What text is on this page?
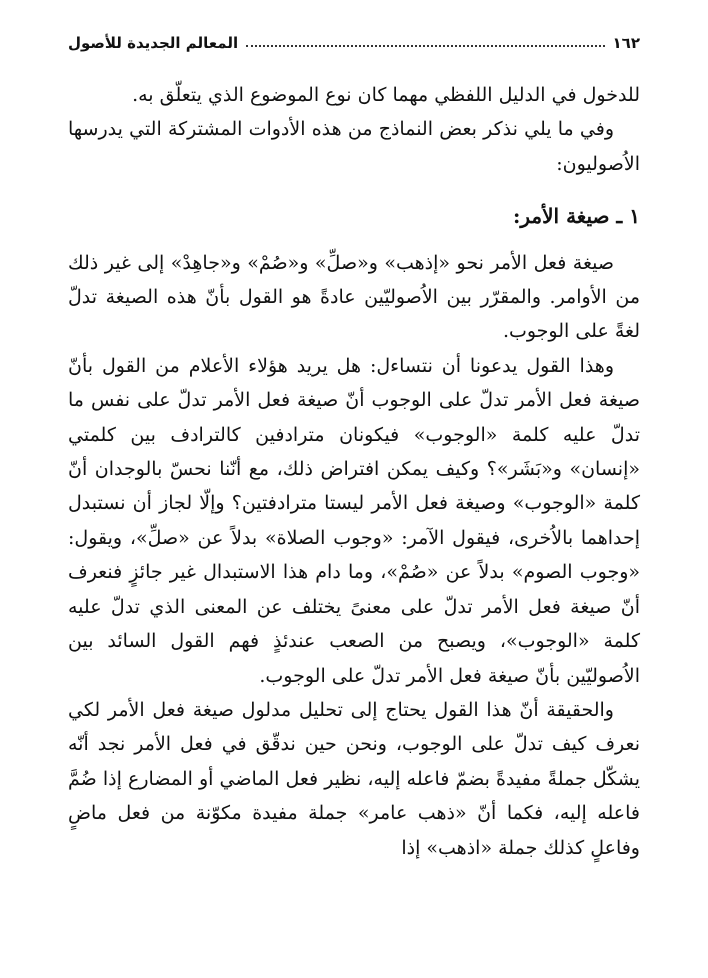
١٦٢
المعالم الجديدة للأصول

للدخول في الدليل اللفظي مهما كان نوع الموضوع الذي يتعلّق به.

وفي ما يلي نذكر بعض النماذج من هذه الأدوات المشتركة التي يدرسها الاُصوليون:

١ ـ صيغة الأمر:

صيغة فعل الأمر نحو «إذهب» و«صلِّ» و«صُمْ» و«جاهِدْ» إلى غير ذلك من الأوامر. والمقرّر بين الاُصوليّين عادةً هو القول بأنّ هذه الصيغة تدلّ لغةً على الوجوب.

وهذا القول يدعونا أن نتساءل: هل يريد هؤلاء الأعلام من القول بأنّ صيغة فعل الأمر تدلّ على الوجوب أنّ صيغة فعل الأمر تدلّ على نفس ما تدلّ عليه كلمة «الوجوب» فيكونان مترادفين كالترادف بين كلمتي «إنسان» و«بَشَر»؟ وكيف يمكن افتراض ذلك، مع أنّنا نحسّ بالوجدان أنّ كلمة «الوجوب» وصيغة فعل الأمر ليستا مترادفتين؟ وإلّا لجاز أن نستبدل إحداهما بالاُخرى، فيقول الآمر: «وجوب الصلاة» بدلاً عن «صلِّ»، ويقول: «وجوب الصوم» بدلاً عن «صُمْ»، وما دام هذا الاستبدال غير جائزٍ فنعرف أنّ صيغة فعل الأمر تدلّ على معنىً يختلف عن المعنى الذي تدلّ عليه كلمة «الوجوب»، ويصبح من الصعب عندئذٍ فهم القول السائد بين الاُصوليّين بأنّ صيغة فعل الأمر تدلّ على الوجوب.

والحقيقة أنّ هذا القول يحتاج إلى تحليل مدلول صيغة فعل الأمر لكي نعرف كيف تدلّ على الوجوب، ونحن حين ندقّق في فعل الأمر نجد أنّه يشكّل جملةً مفيدةً بضمّ فاعله إليه، نظير فعل الماضي أو المضارع إذا ضُمَّ فاعله إليه، فكما أنّ «ذهب عامر» جملة مفيدة مكوّنة من فعل ماضٍ وفاعلٍ كذلك جملة «اذهب» إذا
